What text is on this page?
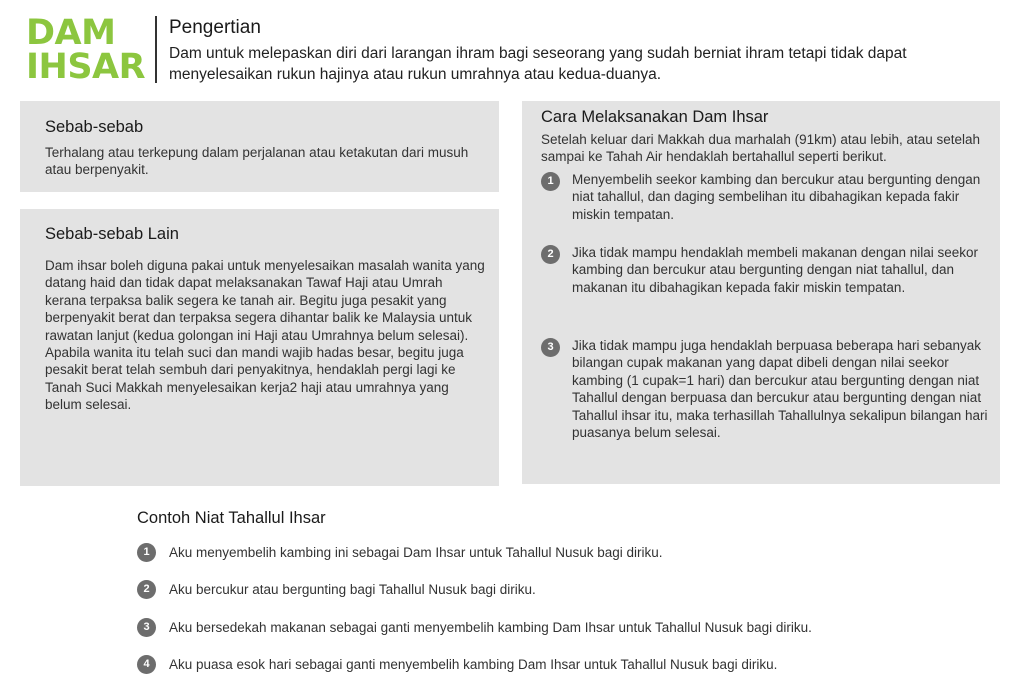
DAM
IHSAR
Pengertian
Dam untuk melepaskan diri dari larangan ihram bagi seseorang yang sudah berniat ihram tetapi tidak dapat menyelesaikan rukun hajinya atau rukun umrahnya atau kedua-duanya.
Sebab-sebab
Terhalang atau terkepung dalam perjalanan atau ketakutan dari musuh atau berpenyakit.
Sebab-sebab Lain
Dam ihsar boleh diguna pakai untuk menyelesaikan masalah wanita yang datang haid dan tidak dapat melaksanakan Tawaf Haji atau Umrah kerana terpaksa balik segera ke tanah air. Begitu juga pesakit yang berpenyakit berat dan terpaksa segera dihantar balik ke Malaysia untuk rawatan lanjut (kedua golongan ini Haji atau Umrahnya belum selesai). Apabila wanita itu telah suci dan mandi wajib hadas besar, begitu juga pesakit berat telah sembuh dari penyakitnya, hendaklah pergi lagi ke Tanah Suci Makkah menyelesaikan kerja2 haji atau umrahnya yang belum selesai.
Cara Melaksanakan Dam Ihsar
Setelah keluar dari Makkah dua marhalah (91km) atau lebih, atau setelah sampai ke Tahah Air hendaklah bertahallul seperti berikut.
1	Menyembelih seekor kambing dan bercukur atau bergunting dengan niat tahallul, dan daging sembelihan itu dibahagikan kepada fakir miskin tempatan.
2	Jika tidak mampu hendaklah membeli makanan dengan nilai seekor kambing dan bercukur atau bergunting dengan niat tahallul, dan makanan itu dibahagikan kepada fakir miskin tempatan.
3	Jika tidak mampu juga hendaklah berpuasa beberapa hari sebanyak bilangan cupak makanan yang dapat dibeli dengan nilai seekor kambing (1 cupak=1 hari) dan bercukur atau bergunting dengan niat Tahallul dengan berpuasa dan bercukur atau bergunting dengan niat Tahallul ihsar itu, maka terhasillah Tahallulnya sekalipun bilangan hari puasanya belum selesai.
Contoh Niat Tahallul Ihsar
1	Aku menyembelih kambing ini sebagai Dam Ihsar untuk Tahallul Nusuk bagi diriku.
2	Aku bercukur atau bergunting bagi Tahallul Nusuk bagi diriku.
3	Aku bersedekah makanan sebagai ganti menyembelih kambing Dam Ihsar untuk Tahallul Nusuk bagi diriku.
4	Aku puasa esok hari sebagai ganti menyembelih kambing Dam Ihsar untuk Tahallul Nusuk bagi diriku.
